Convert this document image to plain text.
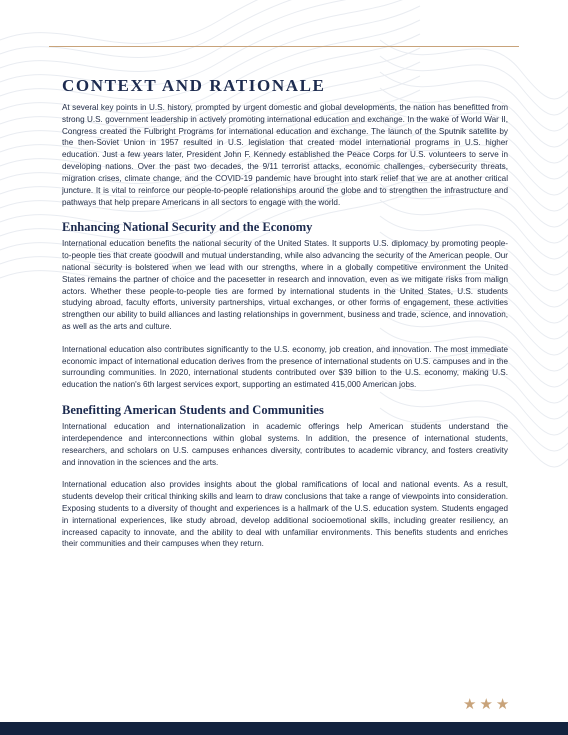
CONTEXT AND RATIONALE

At several key points in U.S. history, prompted by urgent domestic and global developments, the nation has benefitted from strong U.S. government leadership in actively promoting international education and exchange. In the wake of World War II, Congress created the Fulbright Programs for international education and exchange. The launch of the Sputnik satellite by the then-Soviet Union in 1957 resulted in U.S. legislation that created model international programs in U.S. higher education. Just a few years later, President John F. Kennedy established the Peace Corps for U.S. volunteers to serve in developing nations. Over the past two decades, the 9/11 terrorist attacks, economic challenges, cybersecurity threats, migration crises, climate change, and the COVID-19 pandemic have brought into stark relief that we are at another critical juncture. It is vital to reinforce our people-to-people relationships around the globe and to strengthen the infrastructure and pathways that help prepare Americans in all sectors to engage with the world.

Enhancing National Security and the Economy

International education benefits the national security of the United States. It supports U.S. diplomacy by promoting people-to-people ties that create goodwill and mutual understanding, while also advancing the security of the American people. Our national security is bolstered when we lead with our strengths, where in a globally competitive environment the United States remains the partner of choice and the pacesetter in research and innovation, even as we mitigate risks from malign actors. Whether these people-to-people ties are formed by international students in the United States, U.S. students studying abroad, faculty efforts, university partnerships, virtual exchanges, or other forms of engagement, these activities strengthen our ability to build alliances and lasting relationships in government, business and trade, science, and innovation, as well as the arts and culture.

International education also contributes significantly to the U.S. economy, job creation, and innovation. The most immediate economic impact of international education derives from the presence of international students on U.S. campuses and in the surrounding communities. In 2020, international students contributed over $39 billion to the U.S. economy, making U.S. education the nation's 6th largest services export, supporting an estimated 415,000 American jobs.

Benefitting American Students and Communities

International education and internationalization in academic offerings help American students understand the interdependence and interconnections within global systems. In addition, the presence of international students, researchers, and scholars on U.S. campuses enhances diversity, contributes to academic vibrancy, and fosters creativity and innovation in the sciences and the arts.

International education also provides insights about the global ramifications of local and national events. As a result, students develop their critical thinking skills and learn to draw conclusions that take a range of viewpoints into consideration. Exposing students to a diversity of thought and experiences is a hallmark of the U.S. education system. Students engaged in international experiences, like study abroad, develop additional socioemotional skills, including greater resiliency, an increased capacity to innovate, and the ability to deal with unfamiliar environments. This benefits students and enriches their communities and their campuses when they return.

★★★
